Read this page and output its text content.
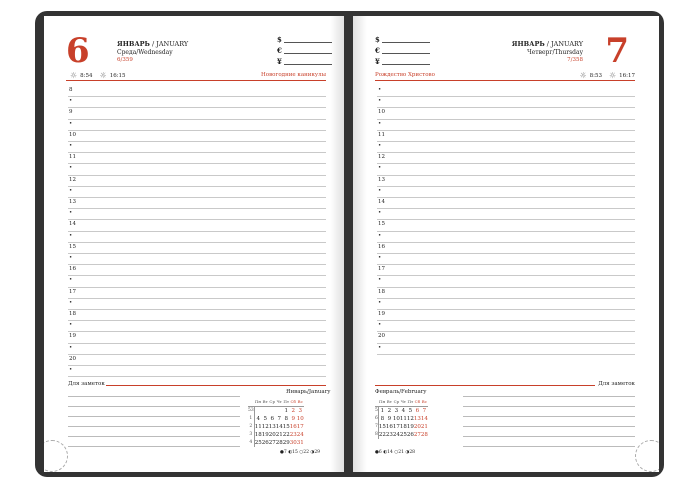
6	ЯНВАРЬ / JANUARY
Среда/Wednesday
6/359
$
€
¥
☼ 8:54 ☼ 16:15	Новогодние каникулы
8
•
9
•
10
•
11
•
12
•
13
•
14
•
15
•
16
•
17
•
18
•
19
•
20
•
Для заметок
Январь/January
	Пн	Вт	Ср	Чт	Пт	Сб	Вс
53					1	2	3
1	4	5	6	7	8	9	10
2	11	12	13	14	15	16	17
3	18	19	20	21	22	23	24
4	25	26	27	28	29	30	31
●7 ◐15 ○22 ◑29
$
€
¥
ЯНВАРЬ / JANUARY
Четверг/Thursday
7/358 7
Рождество Христово	☼ 8:53 ☼ 16:17
•
•
10
•
11
•
12
•
13
•
14
•
15
•
16
•
17
•
18
•
19
•
20
•
Для заметок
Февраль/February
	Пн	Вт	Ср	Чт	Пт	Сб	Вс
5	1	2	3	4	5	6	7
6	8	9	10	11	12	13	14
7	15	16	17	18	19	20	21
8	22	23	24	25	26	27	28
●6 ◐14 ○21 ◑28
